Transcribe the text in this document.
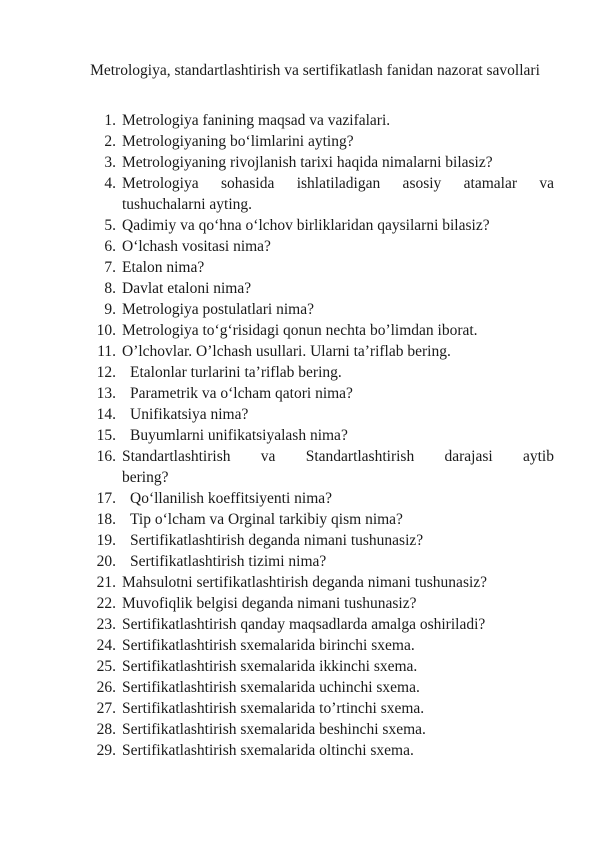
Metrologiya, standartlashtirish va sertifikatlash fanidan nazorat savollari
1. Metrologiya fanining maqsad va vazifalari.
2. Metrologiyaning bo‘limlarini ayting?
3. Metrologiyaning rivojlanish tarixi haqida nimalarni bilasiz?
4. Metrologiya sohasida ishlatiladigan asosiy atamalar va
tushuchalarni ayting.
5. Qadimiy va qo‘hna o‘lchov birliklaridan qaysilarni bilasiz?
6. O‘lchash vositasi nima?
7. Etalon nima?
8. Davlat etaloni nima?
9. Metrologiya postulatlari nima?
10. Metrologiya to‘g‘risidagi qonun nechta bo’limdan iborat.
11. O’lchovlar. O’lchash usullari. Ularni ta’riflab bering.
12. Etalonlar turlarini ta’riflab bering.
13. Parametrik va o‘lcham qatori nima?
14. Unifikatsiya nima?
15. Buyumlarni unifikatsiyalash nima?
16. Standartlashtirish va Standartlashtirish darajasi aytib
bering?
17. Qo‘llanilish koeffitsiyenti nima?
18. Tip o‘lcham va Orginal tarkibiy qism nima?
19. Sertifikatlashtirish deganda nimani tushunasiz?
20. Sertifikatlashtirish tizimi nima?
21. Mahsulotni sertifikatlashtirish deganda nimani tushunasiz?
22. Muvofiqlik belgisi deganda nimani tushunasiz?
23. Sertifikatlashtirish qanday maqsadlarda amalga oshiriladi?
24. Sertifikatlashtirish sxemalarida birinchi sxema.
25. Sertifikatlashtirish sxemalarida ikkinchi sxema.
26. Sertifikatlashtirish sxemalarida uchinchi sxema.
27. Sertifikatlashtirish sxemalarida to’rtinchi sxema.
28. Sertifikatlashtirish sxemalarida beshinchi sxema.
29. Sertifikatlashtirish sxemalarida oltinchi sxema.
